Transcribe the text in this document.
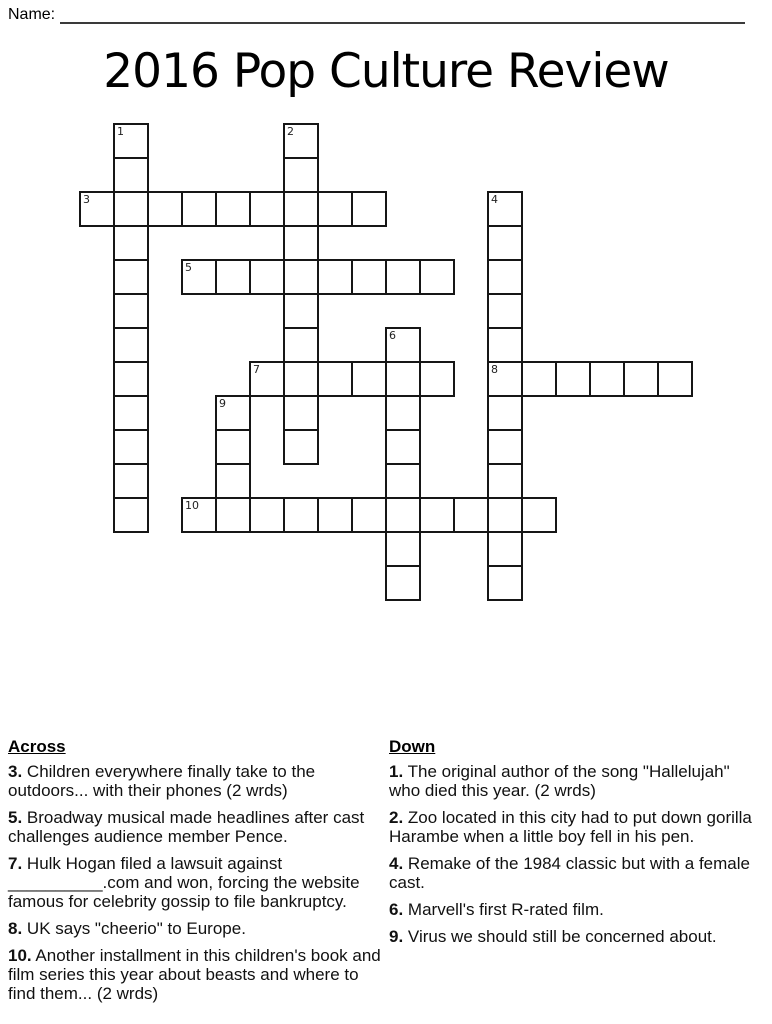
Name:
2016 Pop Culture Review
1	2
3	4
8
5
6
7
9
10

Across

3. Children everywhere finally take to the outdoors... with their phones (2 wrds)

5. Broadway musical made headlines after cast challenges audience member Pence.

7. Hulk Hogan filed a lawsuit against __________.com and won, forcing the website famous for celebrity gossip to file bankruptcy.

8. UK says "cheerio" to Europe.

10. Another installment in this children's book and film series this year about beasts and where to find them... (2 wrds)

Down

1. The original author of the song "Hallelujah" who died this year. (2 wrds)

2. Zoo located in this city had to put down gorilla Harambe when a little boy fell in his pen.

4. Remake of the 1984 classic but with a female cast.

6. Marvell's first R-rated film.

9. Virus we should still be concerned about.
